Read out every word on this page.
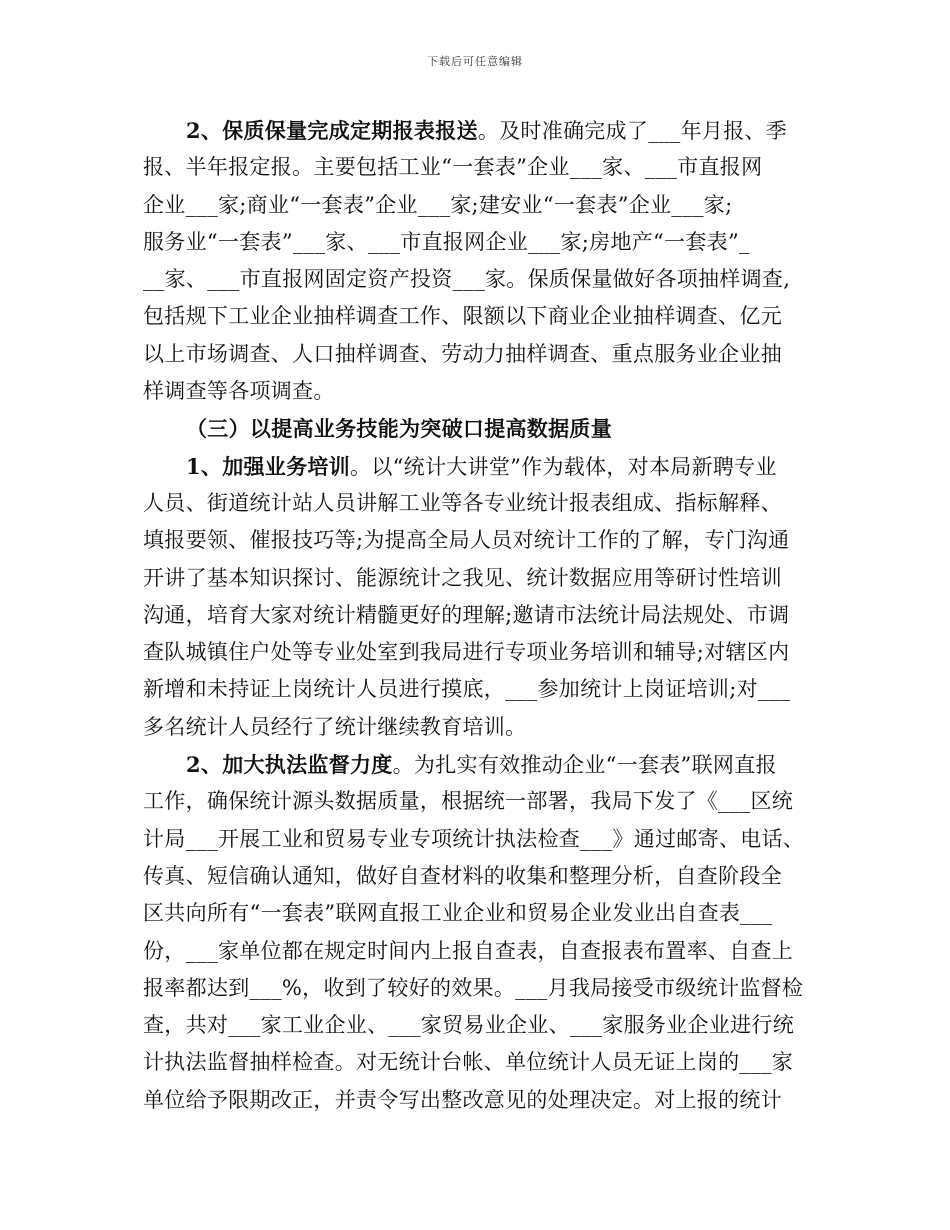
下载后可任意编辑
2、保质保量完成定期报表报送。及时准确完成了___年月报、季
报、半年报定报。主要包括工业“一套表”企业___家、___市直报网
企业___家;商业“一套表”企业___家;建安业“一套表”企业___家;
服务业“一套表”___家、___市直报网企业___家;房地产“一套表”_
__家、___市直报网固定资产投资___家。保质保量做好各项抽样调查,
包括规下工业企业抽样调查工作、限额以下商业企业抽样调查、亿元
以上市场调查、人口抽样调查、劳动力抽样调查、重点服务业企业抽
样调查等各项调查。
（三）以提高业务技能为突破口提高数据质量
1、加强业务培训。以“统计大讲堂”作为载体，对本局新聘专业
人员、街道统计站人员讲解工业等各专业统计报表组成、指标解释、
填报要领、催报技巧等;为提高全局人员对统计工作的了解，专门沟通
开讲了基本知识探讨、能源统计之我见、统计数据应用等研讨性培训
沟通，培育大家对统计精髓更好的理解;邀请市法统计局法规处、市调
查队城镇住户处等专业处室到我局进行专项业务培训和辅导;对辖区内
新增和未持证上岗统计人员进行摸底，___参加统计上岗证培训;对___
多名统计人员经行了统计继续教育培训。
2、加大执法监督力度。为扎实有效推动企业“一套表”联网直报
工作，确保统计源头数据质量，根据统一部署，我局下发了《___区统
计局___开展工业和贸易专业专项统计执法检查___》通过邮寄、电话、
传真、短信确认通知，做好自查材料的收集和整理分析，自查阶段全
区共向所有“一套表”联网直报工业企业和贸易企业发业出自查表___
份，___家单位都在规定时间内上报自查表，自查报表布置率、自查上
报率都达到___%，收到了较好的效果。___月我局接受市级统计监督检
查，共对___家工业企业、___家贸易业企业、___家服务业企业进行统
计执法监督抽样检查。对无统计台帐、单位统计人员无证上岗的___家
单位给予限期改正，并责令写出整改意见的处理决定。对上报的统计
